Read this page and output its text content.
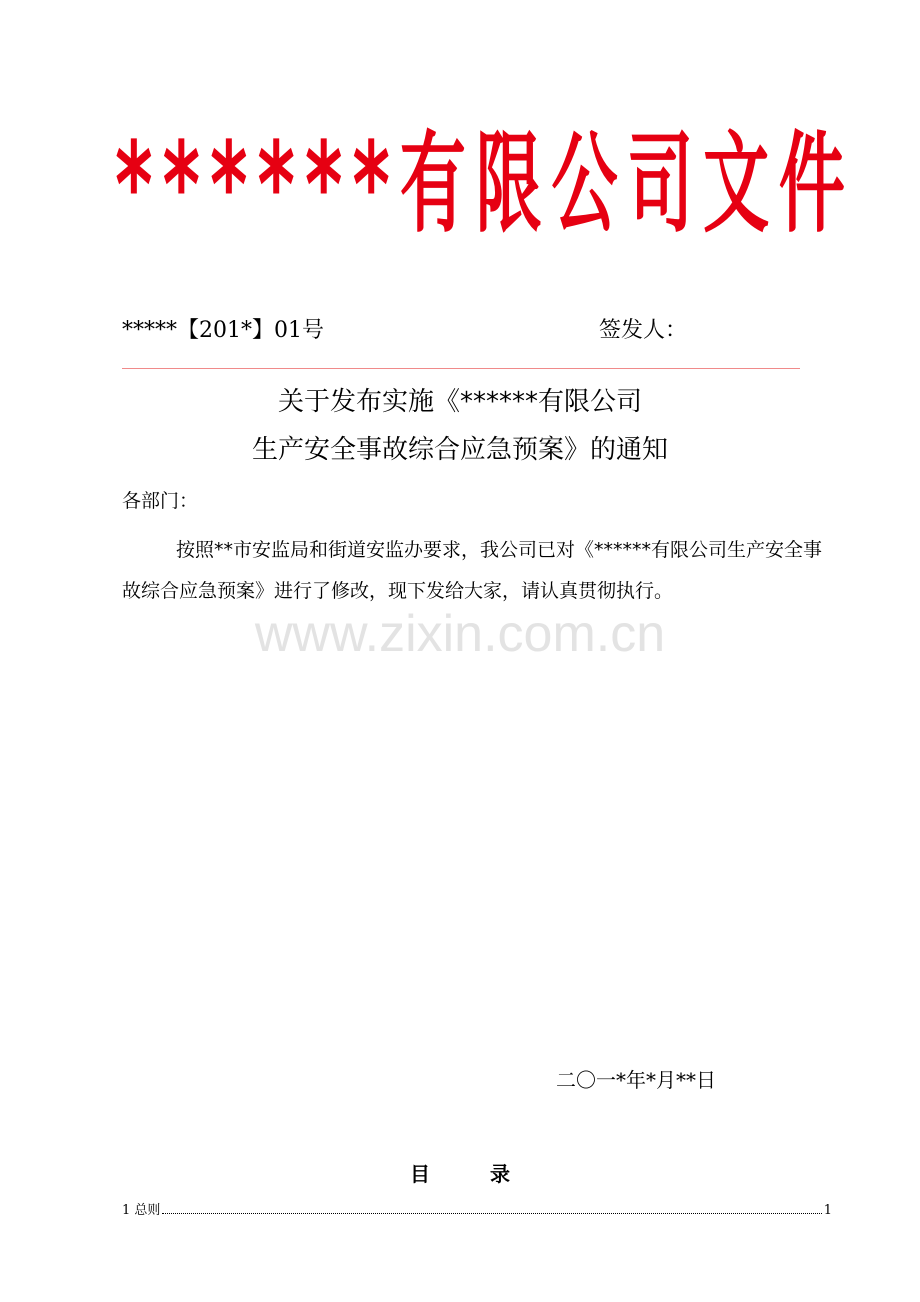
* * * * * * 有 限 公 司 文 件
*****【201*】01号	签发人：
关于发布实施《******有限公司
生产安全事故综合应急预案》的通知
各部门：
按照**市安监局和街道安监办要求，我公司已对《******有限公司生产安全事故综合应急预案》进行了修改，现下发给大家，请认真贯彻执行。
www.zixin.com.cn
二〇一*年*月**日
目录
1 总则	1
